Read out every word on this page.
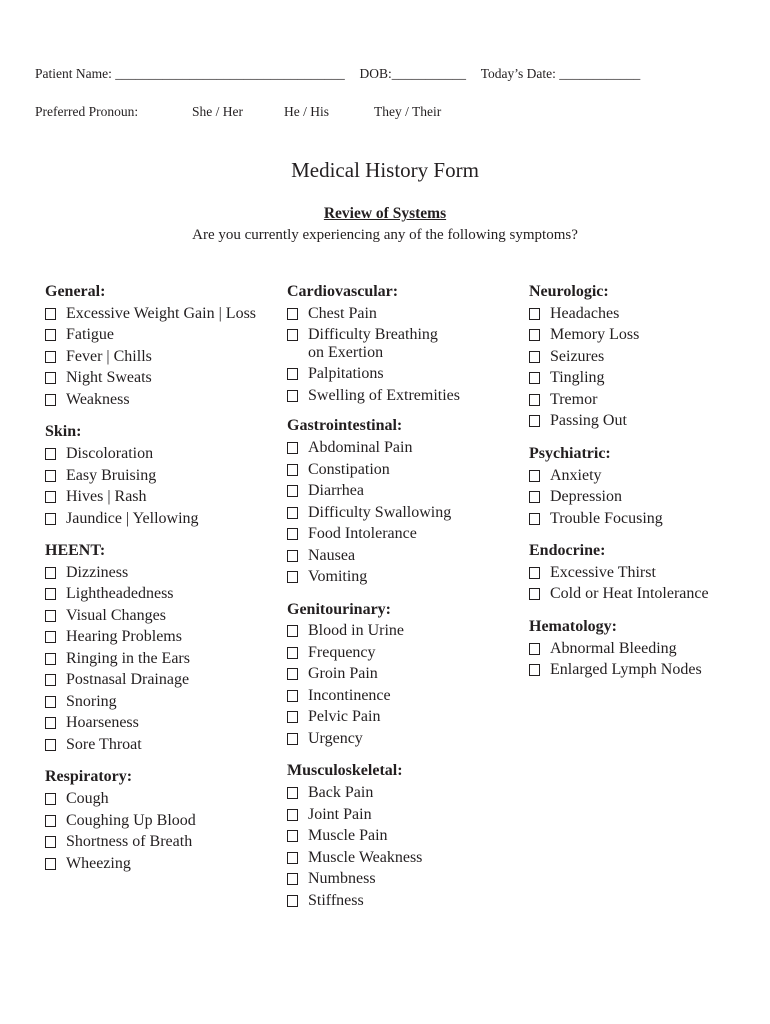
Patient Name: __________________________________ DOB:___________ Today’s Date: ____________
Preferred Pronoun:	She / Her	He / His	They / Their
Medical History Form
Review of Systems
Are you currently experiencing any of the following symptoms?
General:
Excessive Weight Gain | Loss
Fatigue
Fever | Chills
Night Sweats
Weakness
Skin:
Discoloration
Easy Bruising
Hives | Rash
Jaundice | Yellowing
HEENT:
Dizziness
Lightheadedness
Visual Changes
Hearing Problems
Ringing in the Ears
Postnasal Drainage
Snoring
Hoarseness
Sore Throat
Respiratory:
Cough
Coughing Up Blood
Shortness of Breath
Wheezing
Cardiovascular:
Chest Pain
Difficulty Breathing
on Exertion
Palpitations
Swelling of Extremities
Gastrointestinal:
Abdominal Pain
Constipation
Diarrhea
Difficulty Swallowing
Food Intolerance
Nausea
Vomiting
Genitourinary:
Blood in Urine
Frequency
Groin Pain
Incontinence
Pelvic Pain
Urgency
Musculoskeletal:
Back Pain
Joint Pain
Muscle Pain
Muscle Weakness
Numbness
Stiffness
Neurologic:
Headaches
Memory Loss
Seizures
Tingling
Tremor
Passing Out
Psychiatric:
Anxiety
Depression
Trouble Focusing
Endocrine:
Excessive Thirst
Cold or Heat Intolerance
Hematology:
Abnormal Bleeding
Enlarged Lymph Nodes
